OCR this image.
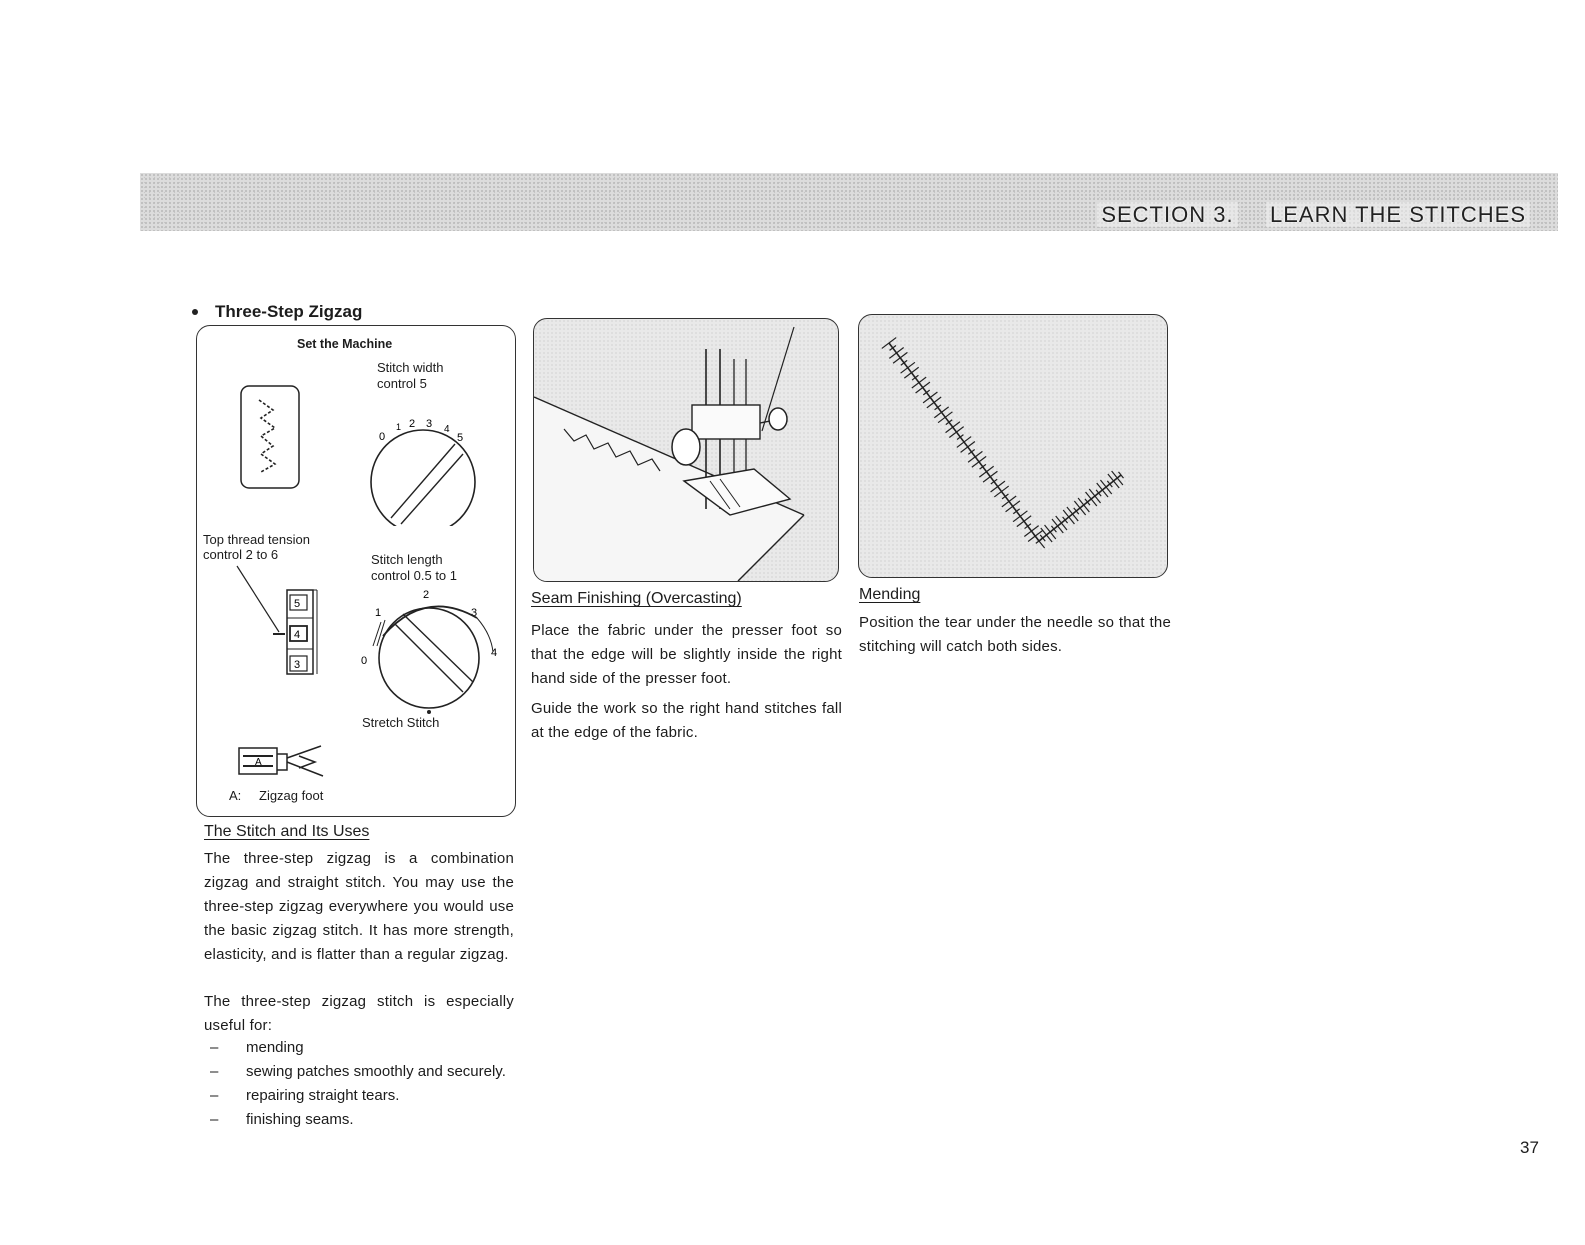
SECTION 3. LEARN THE STITCHES
Three-Step Zigzag
Set the Machine
Stitch width
control 5
0
1 2 3 4
5
Top thread tension
control 2 to 6
5
4
3
Stitch length
control 0.5 to 1
0
1
2
3
4
Stretch Stitch
A
A: Zigzag foot
The Stitch and Its Uses

The three-step zigzag is a combination zigzag and straight stitch. You may use the three-step zigzag everywhere you would use the basic zigzag stitch. It has more strength, elasticity, and is flatter than a regular zigzag.

The three-step zigzag stitch is especially useful for:

– mending
– sewing patches smoothly and securely.
– repairing straight tears.
– finishing seams.
Seam Finishing (Overcasting)

Place the fabric under the presser foot so that the edge will be slightly inside the right hand side of the presser foot.

Guide the work so the right hand stitches fall at the edge of the fabric.

Mending

Position the tear under the needle so that the stitching will catch both sides.

37
